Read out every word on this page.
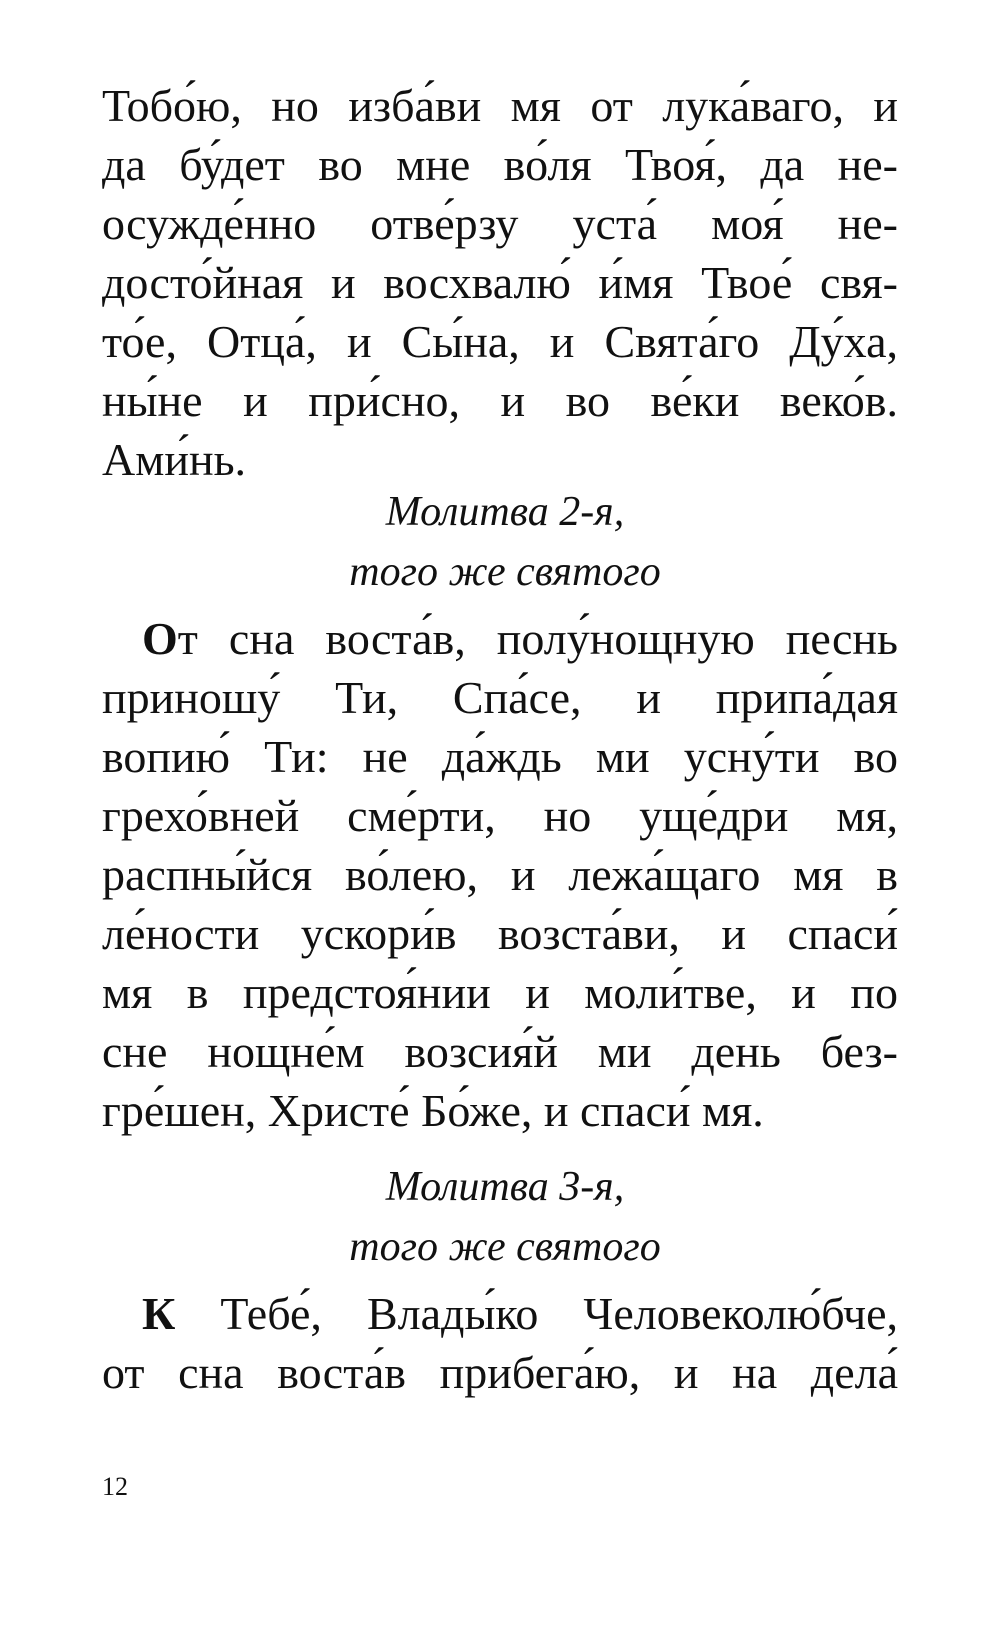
Тобо́ю, но изба́ви мя от лука́ваго, и
да бу́дет во мне во́ля Твоя́, да не-
осужде́нно отве́рзу уста́ моя́ не-
досто́йная и восхвалю́ и́мя Твое́ свя-
то́е, Отца́, и Сы́на, и Свята́го Ду́ха,
ны́не и при́сно, и во ве́ки веко́в.
Ами́нь.
Молитва 2-я,
того же святого
От сна воста́в, полу́нощную песнь
приношу́ Ти, Спа́се, и припа́дая
вопию́ Ти: не да́ждь ми усну́ти во
грехо́вней сме́рти, но уще́дри мя,
распны́йся во́лею, и лежа́щаго мя в
ле́ности ускори́в возста́ви, и спаси́
мя в предстоя́нии и моли́тве, и по
сне нощне́м возсия́й ми день без-
гре́шен, Христе́ Бо́же, и спаси́ мя.
Молитва 3-я,
того же святого
К Тебе́, Влады́ко Человеколю́бче,
от сна воста́в прибега́ю, и на дела́
12
